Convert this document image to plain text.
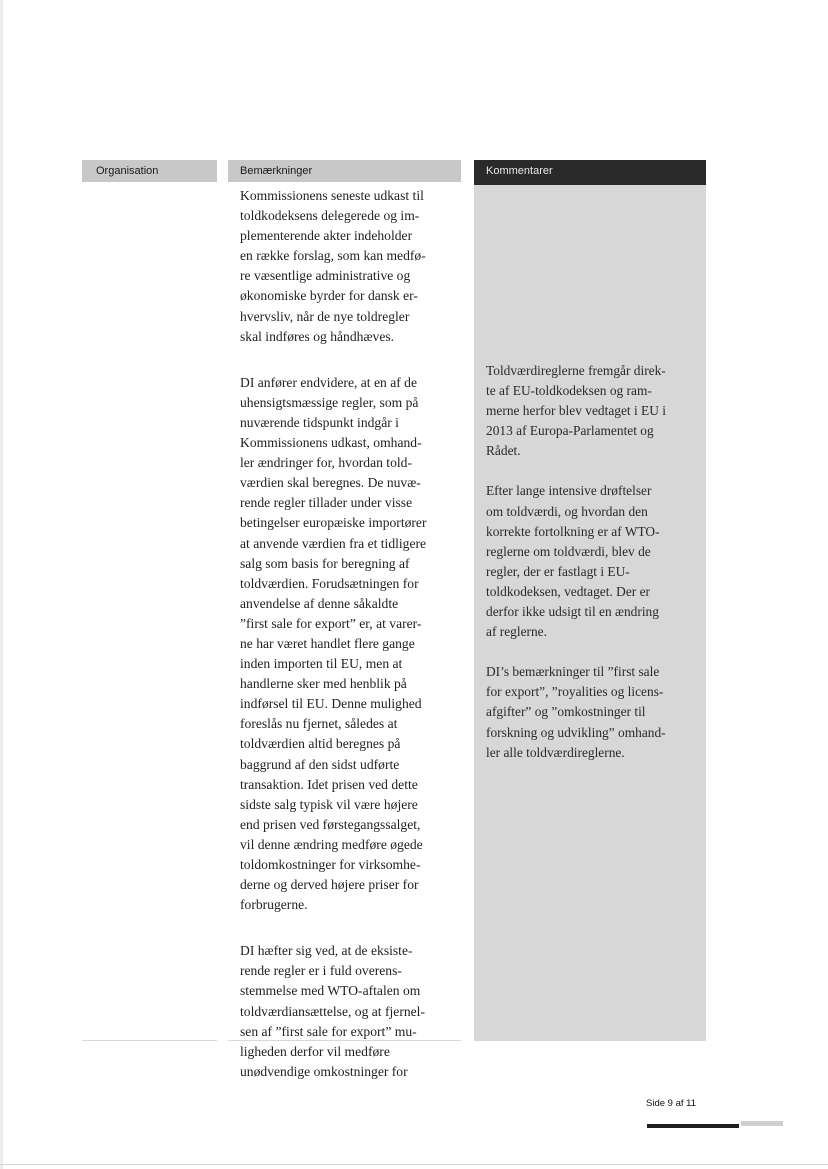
Organisation	Bemærkninger	Kommentarer

Kommissionens seneste udkast til
toldkodeksens delegerede og im-
plementerende akter indeholder
en række forslag, som kan medfø-
re væsentlige administrative og
økonomiske byrder for dansk er-
hvervsliv, når de nye toldregler
skal indføres og håndhæves.

DI anfører endvidere, at en af de
uhensigtsmæssige regler, som på
nuværende tidspunkt indgår i
Kommissionens udkast, omhand-
ler ændringer for, hvordan told-
værdien skal beregnes. De nuvæ-
rende regler tillader under visse
betingelser europæiske importører
at anvende værdien fra et tidligere
salg som basis for beregning af
toldværdien. Forudsætningen for
anvendelse af denne såkaldte
”first sale for export” er, at varer-
ne har været handlet flere gange
inden importen til EU, men at
handlerne sker med henblik på
indførsel til EU. Denne mulighed
foreslås nu fjernet, således at
toldværdien altid beregnes på
baggrund af den sidst udførte
transaktion. Idet prisen ved dette
sidste salg typisk vil være højere
end prisen ved førstegangssalget,
vil denne ændring medføre øgede
toldomkostninger for virksomhe-
derne og derved højere priser for
forbrugerne.

DI hæfter sig ved, at de eksiste-
rende regler er i fuld overens-
stemmelse med WTO-aftalen om
toldværdiansættelse, og at fjernel-
sen af ”first sale for export” mu-
ligheden derfor vil medføre
unødvendige omkostninger for

Toldværdireglerne fremgår direk-
te af EU-toldkodeksen og ram-
merne herfor blev vedtaget i EU i
2013 af Europa-Parlamentet og
Rådet.

Efter lange intensive drøftelser
om toldværdi, og hvordan den
korrekte fortolkning er af WTO-
reglerne om toldværdi, blev de
regler, der er fastlagt i EU-
toldkodeksen, vedtaget. Der er
derfor ikke udsigt til en ændring
af reglerne.

DI’s bemærkninger til ”first sale
for export”, ”royalities og licens-
afgifter” og ”omkostninger til
forskning og udvikling” omhand-
ler alle toldværdireglerne.

Side 9 af 11
